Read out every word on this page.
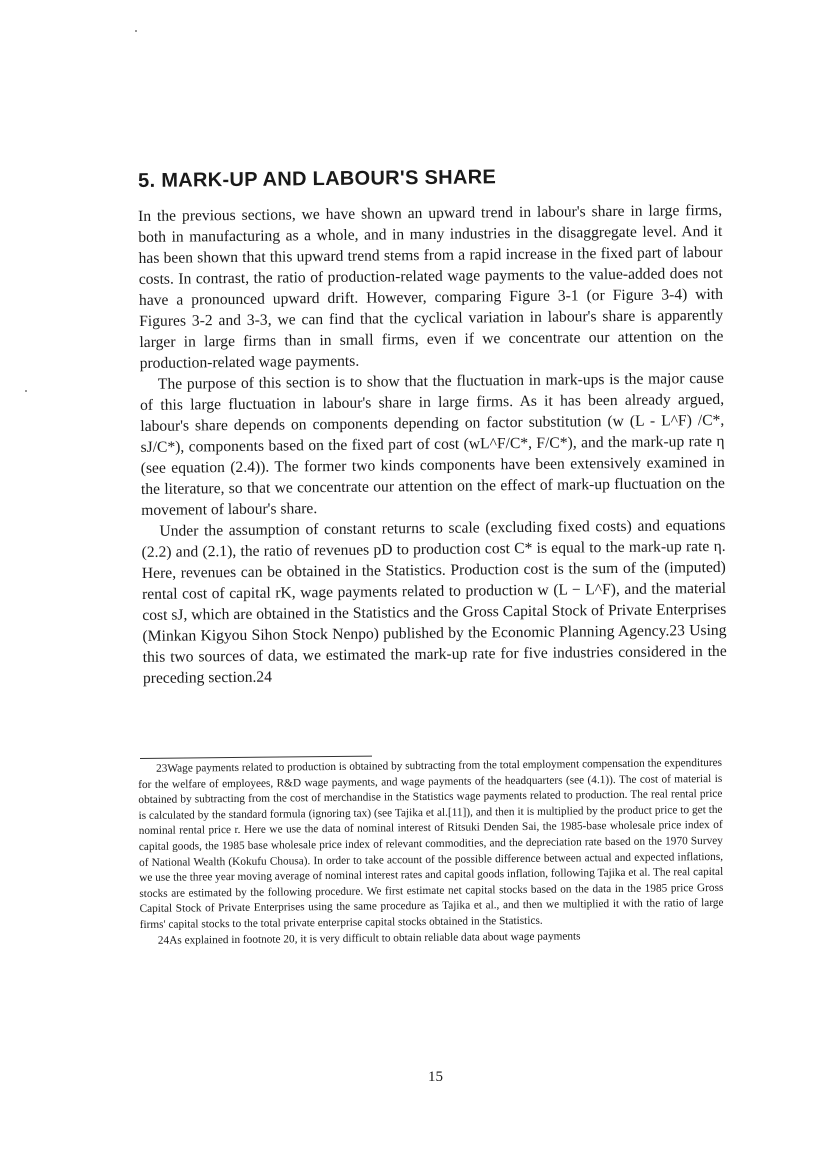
5. MARK-UP AND LABOUR'S SHARE

In the previous sections, we have shown an upward trend in labour's share in large firms, both in manufacturing as a whole, and in many industries in the disaggregate level. And it has been shown that this upward trend stems from a rapid increase in the fixed part of labour costs. In contrast, the ratio of production-related wage payments to the value-added does not have a pronounced upward drift. However, comparing Figure 3-1 (or Figure 3-4) with Figures 3-2 and 3-3, we can find that the cyclical variation in labour's share is apparently larger in large firms than in small firms, even if we concentrate our attention on the production-related wage payments.

The purpose of this section is to show that the fluctuation in mark-ups is the major cause of this large fluctuation in labour's share in large firms. As it has been already argued, labour's share depends on components depending on factor substitution (w (L - L^F) /C*, sJ/C*), components based on the fixed part of cost (wL^F/C*, F/C*), and the mark-up rate η (see equation (2.4)). The former two kinds components have been extensively examined in the literature, so that we concentrate our attention on the effect of mark-up fluctuation on the movement of labour's share.

Under the assumption of constant returns to scale (excluding fixed costs) and equations (2.2) and (2.1), the ratio of revenues pD to production cost C* is equal to the mark-up rate η. Here, revenues can be obtained in the Statistics. Production cost is the sum of the (imputed) rental cost of capital rK, wage payments related to production w (L − L^F), and the material cost sJ, which are obtained in the Statistics and the Gross Capital Stock of Private Enterprises (Minkan Kigyou Sihon Stock Nenpo) published by the Economic Planning Agency.23 Using this two sources of data, we estimated the mark-up rate for five industries considered in the preceding section.24

23Wage payments related to production is obtained by subtracting from the total employment compensation the expenditures for the welfare of employees, R&D wage payments, and wage payments of the headquarters (see (4.1)). The cost of material is obtained by subtracting from the cost of merchandise in the Statistics wage payments related to production. The real rental price is calculated by the standard formula (ignoring tax) (see Tajika et al.[11]), and then it is multiplied by the product price to get the nominal rental price r. Here we use the data of nominal interest of Ritsuki Denden Sai, the 1985-base wholesale price index of capital goods, the 1985 base wholesale price index of relevant commodities, and the depreciation rate based on the 1970 Survey of National Wealth (Kokufu Chousa). In order to take account of the possible difference between actual and expected inflations, we use the three year moving average of nominal interest rates and capital goods inflation, following Tajika et al. The real capital stocks are estimated by the following procedure. We first estimate net capital stocks based on the data in the 1985 price Gross Capital Stock of Private Enterprises using the same procedure as Tajika et al., and then we multiplied it with the ratio of large firms' capital stocks to the total private enterprise capital stocks obtained in the Statistics.

24As explained in footnote 20, it is very difficult to obtain reliable data about wage payments

15
